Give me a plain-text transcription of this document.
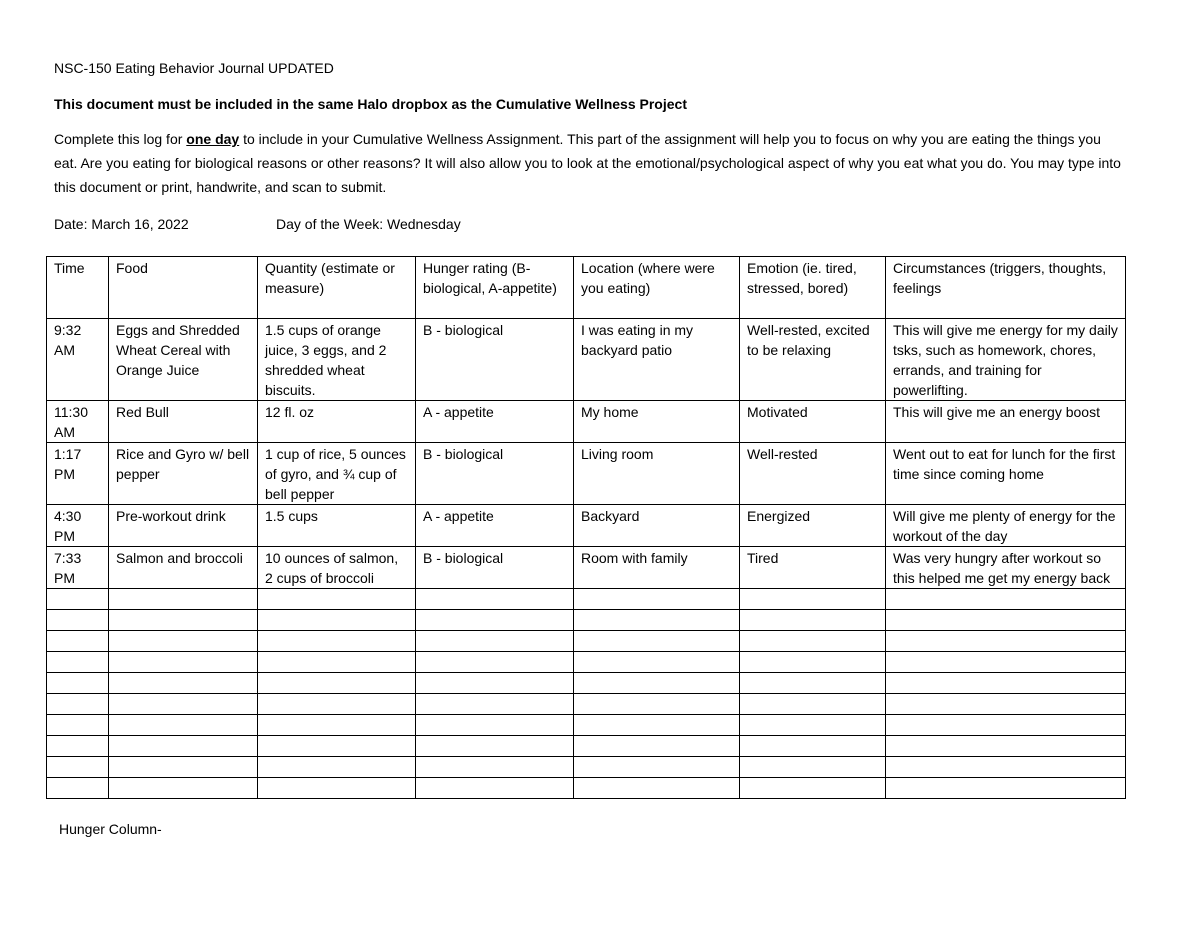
NSC-150 Eating Behavior Journal UPDATED

This document must be included in the same Halo dropbox as the Cumulative Wellness Project

Complete this log for one day to include in your Cumulative Wellness Assignment. This part of the assignment will help you to focus on why you are eating the things you eat. Are you eating for biological reasons or other reasons? It will also allow you to look at the emotional/psychological aspect of why you eat what you do. You may type into this document or print, handwrite, and scan to submit.

Date: March 16, 2022	Day of the Week: Wednesday
Time	Food	Quantity (estimate or measure)	Hunger rating (B-biological, A-appetite)	Location (where were you eating)	Emotion (ie. tired, stressed, bored)	Circumstances (triggers, thoughts, feelings
9:32 AM	Eggs and Shredded Wheat Cereal with Orange Juice	1.5 cups of orange juice, 3 eggs, and 2 shredded wheat biscuits.	B - biological	I was eating in my backyard patio	Well-rested, excited to be relaxing	This will give me energy for my daily tsks, such as homework, chores, errands, and training for powerlifting.
11:30 AM	Red Bull	12 fl. oz	A - appetite	My home	Motivated	This will give me an energy boost
1:17 PM	Rice and Gyro w/ bell pepper	1 cup of rice, 5 ounces of gyro, and ¾ cup of bell pepper	B - biological	Living room	Well-rested	Went out to eat for lunch for the first time since coming home
4:30 PM	Pre-workout drink	1.5 cups	A - appetite	Backyard	Energized	Will give me plenty of energy for the workout of the day
7:33 PM	Salmon and broccoli	10 ounces of salmon, 2 cups of broccoli	B - biological	Room with family	Tired	Was very hungry after workout so this helped me get my energy back

Hunger Column-
